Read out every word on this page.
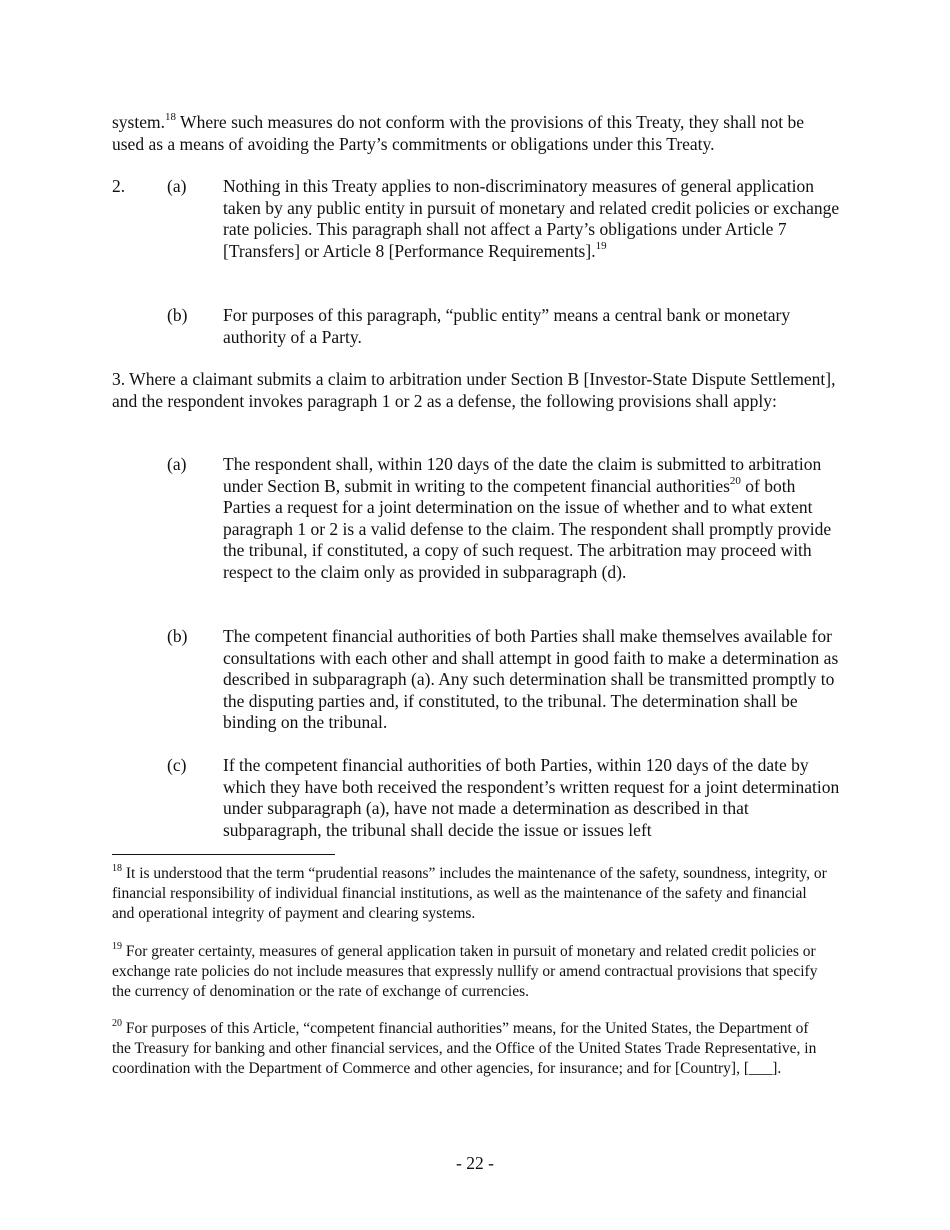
system.$^{18}$ Where such measures do not conform with the provisions of this Treaty, they shall not be used as a means of avoiding the Party’s commitments or obligations under this Treaty.

2. (a) Nothing in this Treaty applies to non-discriminatory measures of general application taken by any public entity in pursuit of monetary and related credit policies or exchange rate policies. This paragraph shall not affect a Party’s obligations under Article 7 [Transfers] or Article 8 [Performance Requirements].$^{19}$

(b) For purposes of this paragraph, “public entity” means a central bank or monetary authority of a Party.

3. Where a claimant submits a claim to arbitration under Section B [Investor-State Dispute Settlement], and the respondent invokes paragraph 1 or 2 as a defense, the following provisions shall apply:

(a) The respondent shall, within 120 days of the date the claim is submitted to arbitration under Section B, submit in writing to the competent financial authorities$^{20}$ of both Parties a request for a joint determination on the issue of whether and to what extent paragraph 1 or 2 is a valid defense to the claim. The respondent shall promptly provide the tribunal, if constituted, a copy of such request. The arbitration may proceed with respect to the claim only as provided in subparagraph (d).

(b) The competent financial authorities of both Parties shall make themselves available for consultations with each other and shall attempt in good faith to make a determination as described in subparagraph (a). Any such determination shall be transmitted promptly to the disputing parties and, if constituted, to the tribunal. The determination shall be binding on the tribunal.

(c) If the competent financial authorities of both Parties, within 120 days of the date by which they have both received the respondent’s written request for a joint determination under subparagraph (a), have not made a determination as described in that subparagraph, the tribunal shall decide the issue or issues left

$^{18}$ It is understood that the term “prudential reasons” includes the maintenance of the safety, soundness, integrity, or financial responsibility of individual financial institutions, as well as the maintenance of the safety and financial and operational integrity of payment and clearing systems.

$^{19}$ For greater certainty, measures of general application taken in pursuit of monetary and related credit policies or exchange rate policies do not include measures that expressly nullify or amend contractual provisions that specify the currency of denomination or the rate of exchange of currencies.

$^{20}$ For purposes of this Article, “competent financial authorities” means, for the United States, the Department of the Treasury for banking and other financial services, and the Office of the United States Trade Representative, in coordination with the Department of Commerce and other agencies, for insurance; and for [Country], [___].

- 22 -
